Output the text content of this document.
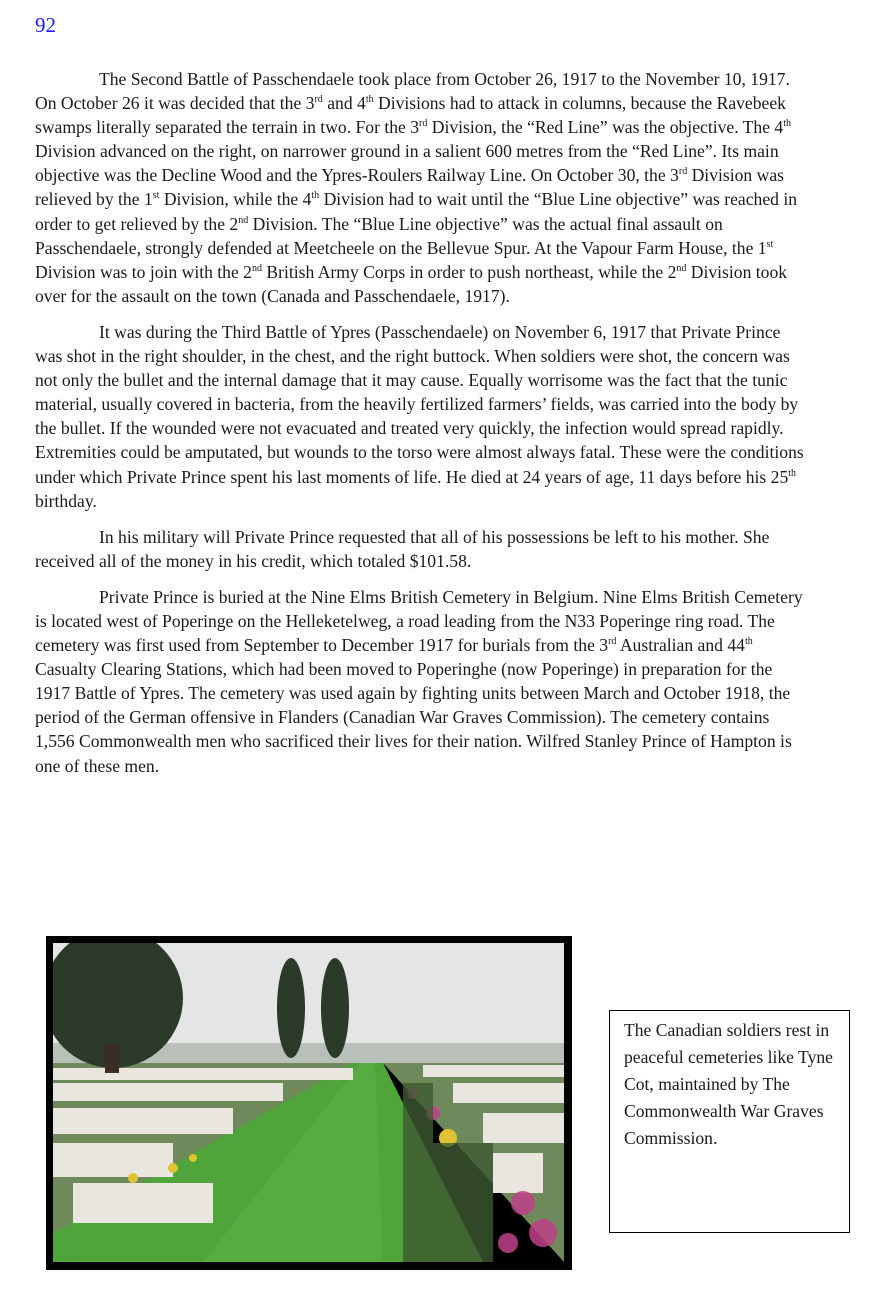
92

The Second Battle of Passchendaele took place from October 26, 1917 to the November 10, 1917. On October 26 it was decided that the 3rd and 4th Divisions had to attack in columns, because the Ravebeek swamps literally separated the terrain in two. For the 3rd Division, the “Red Line” was the objective. The 4th Division advanced on the right, on narrower ground in a salient 600 metres from the “Red Line”. Its main objective was the Decline Wood and the Ypres-Roulers Railway Line. On October 30, the 3rd Division was relieved by the 1st Division, while the 4th Division had to wait until the “Blue Line objective” was reached in order to get relieved by the 2nd Division. The “Blue Line objective” was the actual final assault on Passchendaele, strongly defended at Meetcheele on the Bellevue Spur. At the Vapour Farm House, the 1st Division was to join with the 2nd British Army Corps in order to push northeast, while the 2nd Division took over for the assault on the town (Canada and Passchendaele, 1917).

It was during the Third Battle of Ypres (Passchendaele) on November 6, 1917 that Private Prince was shot in the right shoulder, in the chest, and the right buttock. When soldiers were shot, the concern was not only the bullet and the internal damage that it may cause. Equally worrisome was the fact that the tunic material, usually covered in bacteria, from the heavily fertilized farmers’ fields, was carried into the body by the bullet. If the wounded were not evacuated and treated very quickly, the infection would spread rapidly. Extremities could be amputated, but wounds to the torso were almost always fatal. These were the conditions under which Private Prince spent his last moments of life. He died at 24 years of age, 11 days before his 25th birthday.

In his military will Private Prince requested that all of his possessions be left to his mother. She received all of the money in his credit, which totaled $101.58.

Private Prince is buried at the Nine Elms British Cemetery in Belgium. Nine Elms British Cemetery is located west of Poperinge on the Helleketelweg, a road leading from the N33 Poperinge ring road. The cemetery was first used from September to December 1917 for burials from the 3rd Australian and 44th Casualty Clearing Stations, which had been moved to Poperinghe (now Poperinge) in preparation for the 1917 Battle of Ypres. The cemetery was used again by fighting units between March and October 1918, the period of the German offensive in Flanders (Canadian War Graves Commission). The cemetery contains 1,556 Commonwealth men who sacrificed their lives for their nation. Wilfred Stanley Prince of Hampton is one of these men.

The Canadian soldiers rest in peaceful cemeteries like Tyne Cot, maintained by The Commonwealth War Graves Commission.
